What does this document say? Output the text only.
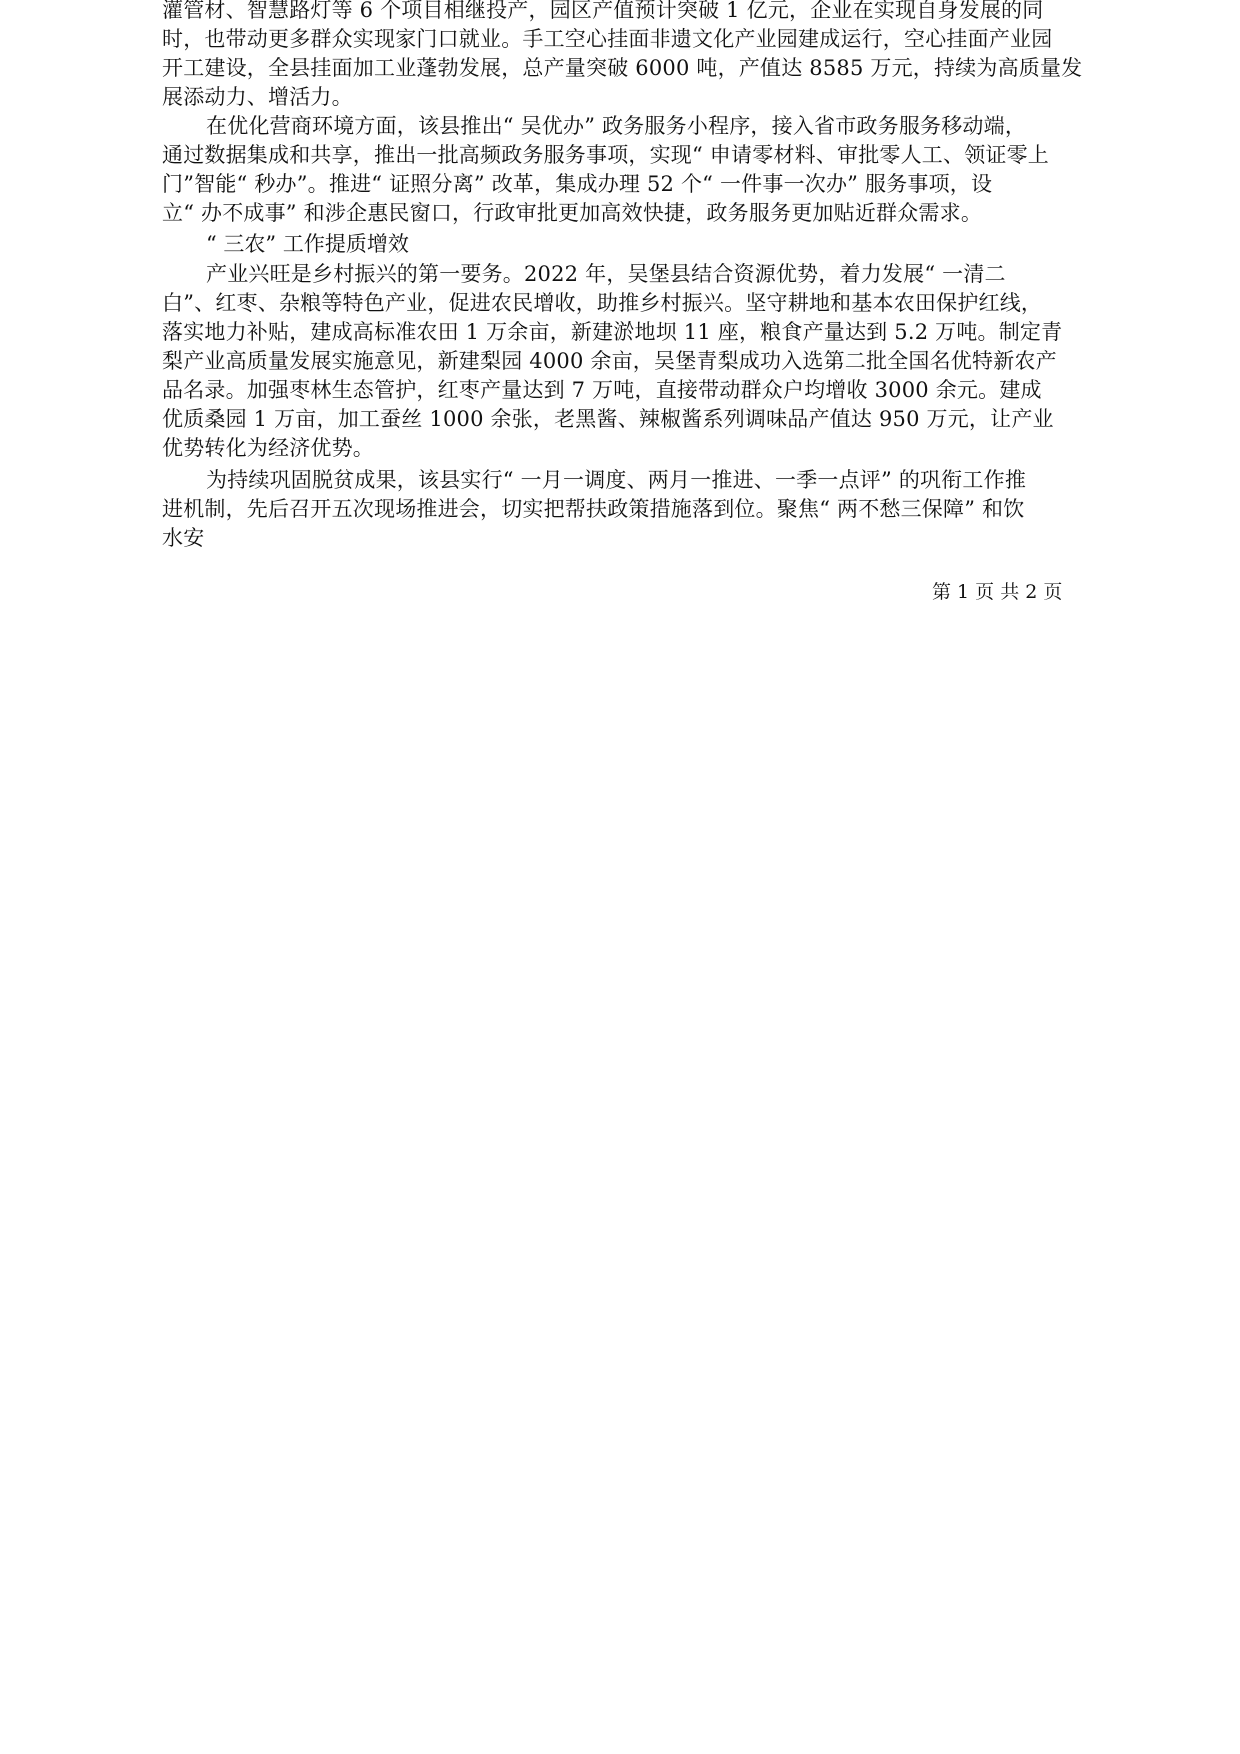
灌管材、智慧路灯等 6 个项目相继投产，园区产值预计突破 1 亿元，企业在实现自身发展的同
时，也带动更多群众实现家门口就业。手工空心挂面非遗文化产业园建成运行，空心挂面产业园
开工建设，全县挂面加工业蓬勃发展，总产量突破 6000 吨，产值达 8585 万元，持续为高质量发
展添动力、增活力。

在优化营商环境方面，该县推出“ 吴优办” 政务服务小程序，接入省市政务服务移动端，
通过数据集成和共享，推出一批高频政务服务事项，实现“ 申请零材料、审批零人工、领证零上
门”智能“ 秒办”。推进“ 证照分离” 改革，集成办理 52 个“ 一件事一次办” 服务事项，设
立“ 办不成事” 和涉企惠民窗口，行政审批更加高效快捷，政务服务更加贴近群众需求。

“ 三农” 工作提质增效

产业兴旺是乡村振兴的第一要务。2022 年，吴堡县结合资源优势，着力发展“ 一清二
白”、红枣、杂粮等特色产业，促进农民增收，助推乡村振兴。坚守耕地和基本农田保护红线，
落实地力补贴，建成高标准农田 1 万余亩，新建淤地坝 11 座，粮食产量达到 5.2 万吨。制定青
梨产业高质量发展实施意见，新建梨园 4000 余亩，吴堡青梨成功入选第二批全国名优特新农产
品名录。加强枣林生态管护，红枣产量达到 7 万吨，直接带动群众户均增收 3000 余元。建成
优质桑园 1 万亩，加工蚕丝 1000 余张，老黑酱、辣椒酱系列调味品产值达 950 万元，让产业
优势转化为经济优势。

为持续巩固脱贫成果，该县实行“ 一月一调度、两月一推进、一季一点评” 的巩衔工作推
进机制，先后召开五次现场推进会，切实把帮扶政策措施落到位。聚焦“ 两不愁三保障” 和饮
水安

第 1 页 共 2 页
